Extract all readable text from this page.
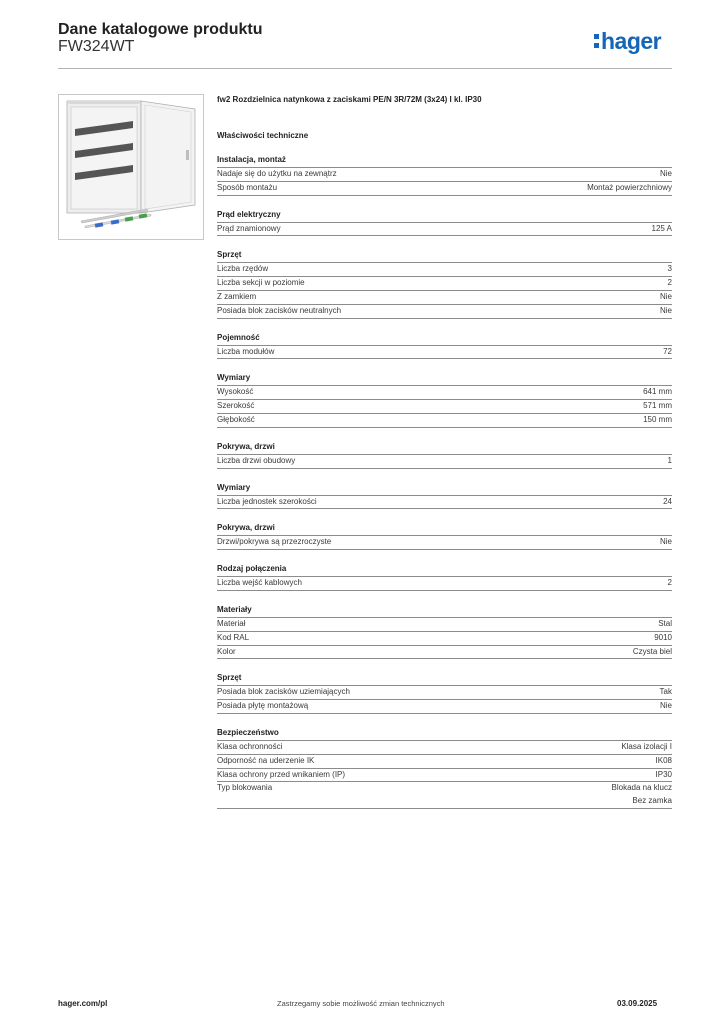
Dane katalogowe produktu
FW324WT	hager
fw2 Rozdzielnica natynkowa z zaciskami PE/N 3R/72M (3x24) I kl. IP30
Właściwości techniczne
Instalacja, montaż
Nadaje się do użytku na zewnątrz	Nie
Sposób montażu	Montaż powierzchniowy
Prąd elektryczny
Prąd znamionowy	125 A
Sprzęt
Liczba rzędów	3
Liczba sekcji w poziomie	2
Z zamkiem	Nie
Posiada blok zacisków neutralnych	Nie
Pojemność
Liczba modułów	72
Wymiary
Wysokość	641 mm
Szerokość	571 mm
Głębokość	150 mm
Pokrywa, drzwi
Liczba drzwi obudowy	1
Wymiary
Liczba jednostek szerokości	24
Pokrywa, drzwi
Drzwi/pokrywa są przezroczyste	Nie
Rodzaj połączenia
Liczba wejść kablowych	2
Materiały
Materiał	Stal
Kod RAL	9010
Kolor	Czysta biel
Sprzęt
Posiada blok zacisków uziemiających	Tak
Posiada płytę montażową	Nie
Bezpieczeństwo
Klasa ochronności	Klasa izolacji I
Odporność na uderzenie IK	IK08
Klasa ochrony przed wnikaniem (IP)	IP30
Typ blokowania	Blokada na klucz
Bez zamka
hager.com/pl	Zastrzegamy sobie możliwość zmian technicznych	03.09.2025
